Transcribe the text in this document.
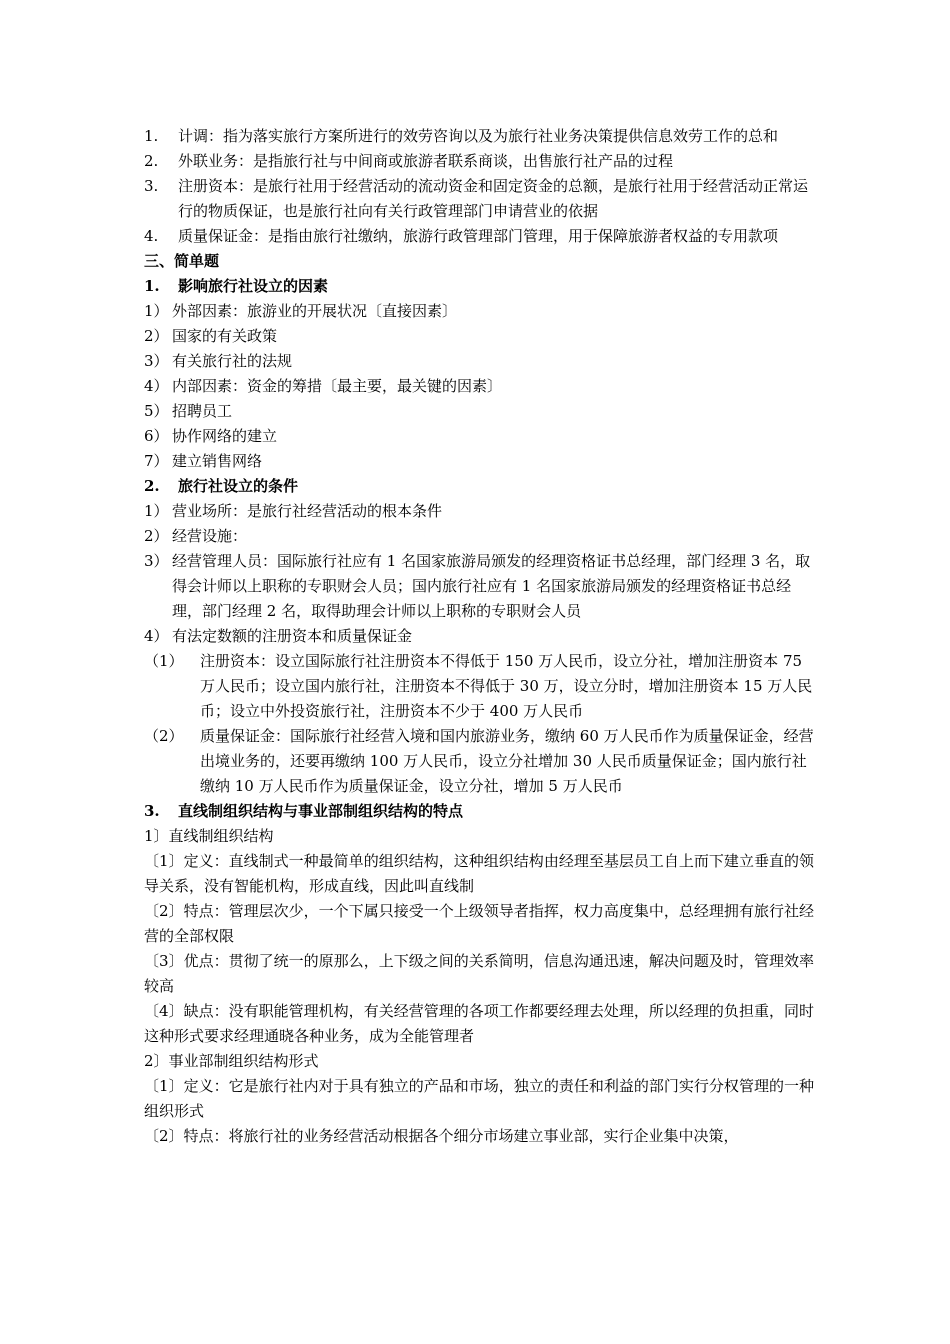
1.	计调：指为落实旅行方案所进行的效劳咨询以及为旅行社业务决策提供信息效劳工作的总和
2.	外联业务：是指旅行社与中间商或旅游者联系商谈，出售旅行社产品的过程
3.	注册资本：是旅行社用于经营活动的流动资金和固定资金的总额，是旅行社用于经营活动正常运行的物质保证，也是旅行社向有关行政管理部门申请营业的依据
4.	质量保证金：是指由旅行社缴纳，旅游行政管理部门管理，用于保障旅游者权益的专用款项
三、简单题
1.	影响旅行社设立的因素
1） 外部因素：旅游业的开展状况〔直接因素〕
2） 国家的有关政策
3） 有关旅行社的法规
4） 内部因素：资金的筹措〔最主要，最关键的因素〕
5） 招聘员工
6） 协作网络的建立
7） 建立销售网络
2.	旅行社设立的条件
1） 营业场所：是旅行社经营活动的根本条件
2） 经营设施：
3） 经营管理人员：国际旅行社应有 1 名国家旅游局颁发的经理资格证书总经理，部门经理 3 名，取得会计师以上职称的专职财会人员；国内旅行社应有 1 名国家旅游局颁发的经理资格证书总经理，部门经理 2 名，取得助理会计师以上职称的专职财会人员
4） 有法定数额的注册资本和质量保证金
（1）	注册资本：设立国际旅行社注册资本不得低于 150 万人民币，设立分社，增加注册资本 75 万人民币；设立国内旅行社，注册资本不得低于 30 万，设立分时，增加注册资本 15 万人民币；设立中外投资旅行社，注册资本不少于 400 万人民币
（2）	质量保证金：国际旅行社经营入境和国内旅游业务，缴纳 60 万人民币作为质量保证金，经营出境业务的，还要再缴纳 100 万人民币，设立分社增加 30 人民币质量保证金；国内旅行社缴纳 10 万人民币作为质量保证金，设立分社，增加 5 万人民币
3.	直线制组织结构与事业部制组织结构的特点
1〕直线制组织结构
〔1〕定义：直线制式一种最简单的组织结构，这种组织结构由经理至基层员工自上而下建立垂直的领导关系，没有智能机构，形成直线，因此叫直线制
〔2〕特点：管理层次少，一个下属只接受一个上级领导者指挥，权力高度集中，总经理拥有旅行社经营的全部权限
〔3〕优点：贯彻了统一的原那么，上下级之间的关系简明，信息沟通迅速，解决问题及时，管理效率较高
〔4〕缺点：没有职能管理机构，有关经营管理的各项工作都要经理去处理，所以经理的负担重，同时这种形式要求经理通晓各种业务，成为全能管理者
2〕事业部制组织结构形式
〔1〕定义：它是旅行社内对于具有独立的产品和市场，独立的责任和利益的部门实行分权管理的一种组织形式
〔2〕特点：将旅行社的业务经营活动根据各个细分市场建立事业部，实行企业集中决策，
